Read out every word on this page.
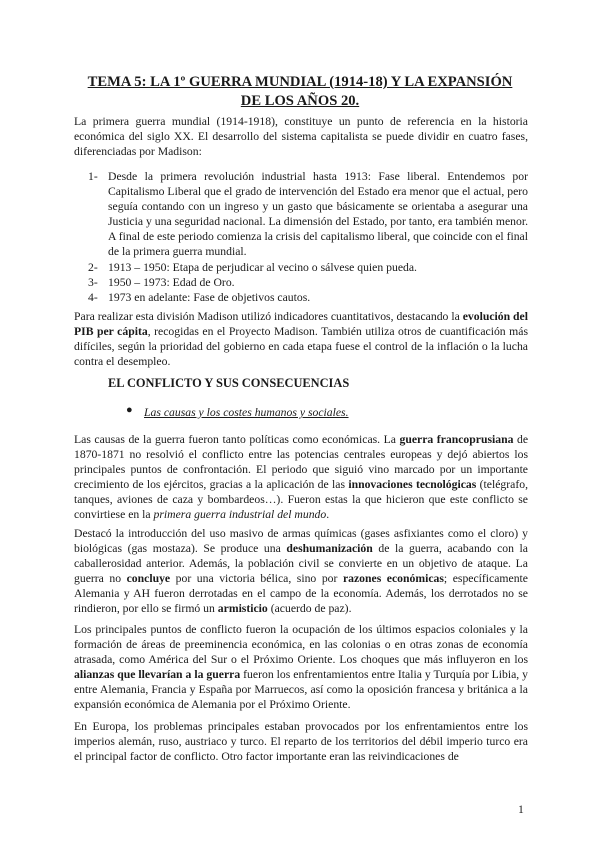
TEMA 5: LA 1º GUERRA MUNDIAL (1914-18) Y LA EXPANSIÓN
DE LOS AÑOS 20.

La primera guerra mundial (1914-1918), constituye un punto de referencia en la historia económica del siglo XX. El desarrollo del sistema capitalista se puede dividir en cuatro fases, diferenciadas por Madison:

1- Desde la primera revolución industrial hasta 1913: Fase liberal. Entendemos por Capitalismo Liberal que el grado de intervención del Estado era menor que el actual, pero seguía contando con un ingreso y un gasto que básicamente se orientaba a asegurar una Justicia y una seguridad nacional. La dimensión del Estado, por tanto, era también menor. A final de este periodo comienza la crisis del capitalismo liberal, que coincide con el final de la primera guerra mundial.
2- 1913 – 1950: Etapa de perjudicar al vecino o sálvese quien pueda.
3- 1950 – 1973: Edad de Oro.
4- 1973 en adelante: Fase de objetivos cautos.

Para realizar esta división Madison utilizó indicadores cuantitativos, destacando la evolución del PIB per cápita, recogidas en el Proyecto Madison. También utiliza otros de cuantificación más difíciles, según la prioridad del gobierno en cada etapa fuese el control de la inflación o la lucha contra el desempleo.

EL CONFLICTO Y SUS CONSECUENCIAS
● Las causas y los costes humanos y sociales.

Las causas de la guerra fueron tanto políticas como económicas. La guerra francoprusiana de 1870-1871 no resolvió el conflicto entre las potencias centrales europeas y dejó abiertos los principales puntos de confrontación. El periodo que siguió vino marcado por un importante crecimiento de los ejércitos, gracias a la aplicación de las innovaciones tecnológicas (telégrafo, tanques, aviones de caza y bombardeos…). Fueron estas la que hicieron que este conflicto se convirtiese en la primera guerra industrial del mundo.

Destacó la introducción del uso masivo de armas químicas (gases asfixiantes como el cloro) y biológicas (gas mostaza). Se produce una deshumanización de la guerra, acabando con la caballerosidad anterior. Además, la población civil se convierte en un objetivo de ataque. La guerra no concluye por una victoria bélica, sino por razones económicas; específicamente Alemania y AH fueron derrotadas en el campo de la economía. Además, los derrotados no se rindieron, por ello se firmó un armisticio (acuerdo de paz).

Los principales puntos de conflicto fueron la ocupación de los últimos espacios coloniales y la formación de áreas de preeminencia económica, en las colonias o en otras zonas de economía atrasada, como América del Sur o el Próximo Oriente. Los choques que más influyeron en los alianzas que llevarían a la guerra fueron los enfrentamientos entre Italia y Turquía por Libia, y entre Alemania, Francia y España por Marruecos, así como la oposición francesa y británica a la expansión económica de Alemania por el Próximo Oriente.

En Europa, los problemas principales estaban provocados por los enfrentamientos entre los imperios alemán, ruso, austriaco y turco. El reparto de los territorios del débil imperio turco era el principal factor de conflicto. Otro factor importante eran las reivindicaciones de

1
